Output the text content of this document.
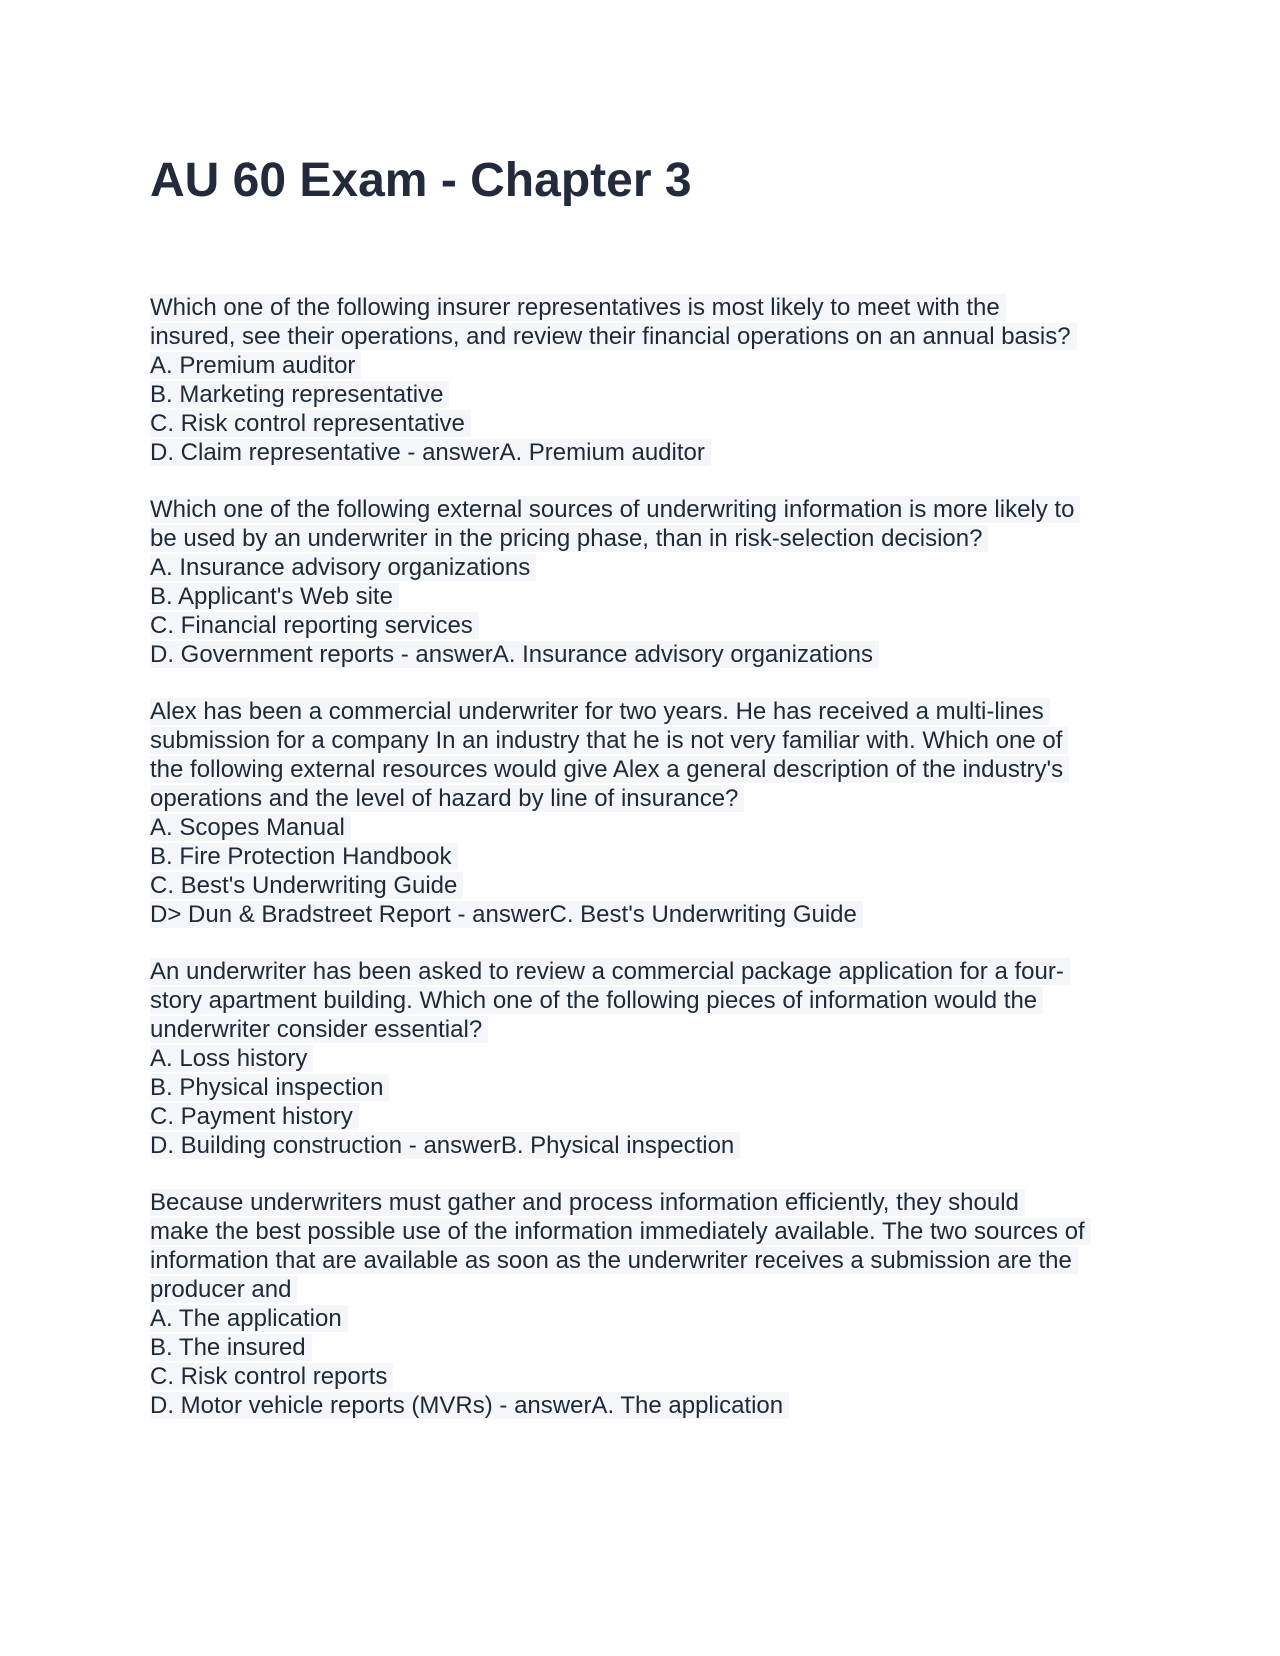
AU 60 Exam - Chapter 3
Which one of the following insurer representatives is most likely to meet with the
insured, see their operations, and review their financial operations on an annual basis?
A. Premium auditor
B. Marketing representative
C. Risk control representative
D. Claim representative - answerA. Premium auditor
Which one of the following external sources of underwriting information is more likely to
be used by an underwriter in the pricing phase, than in risk-selection decision?
A. Insurance advisory organizations
B. Applicant's Web site
C. Financial reporting services
D. Government reports - answerA. Insurance advisory organizations
Alex has been a commercial underwriter for two years. He has received a multi-lines
submission for a company In an industry that he is not very familiar with. Which one of
the following external resources would give Alex a general description of the industry's
operations and the level of hazard by line of insurance?
A. Scopes Manual
B. Fire Protection Handbook
C. Best's Underwriting Guide
D> Dun & Bradstreet Report - answerC. Best's Underwriting Guide
An underwriter has been asked to review a commercial package application for a four-
story apartment building. Which one of the following pieces of information would the
underwriter consider essential?
A. Loss history
B. Physical inspection
C. Payment history
D. Building construction - answerB. Physical inspection
Because underwriters must gather and process information efficiently, they should
make the best possible use of the information immediately available. The two sources of
information that are available as soon as the underwriter receives a submission are the
producer and
A. The application
B. The insured
C. Risk control reports
D. Motor vehicle reports (MVRs) - answerA. The application
